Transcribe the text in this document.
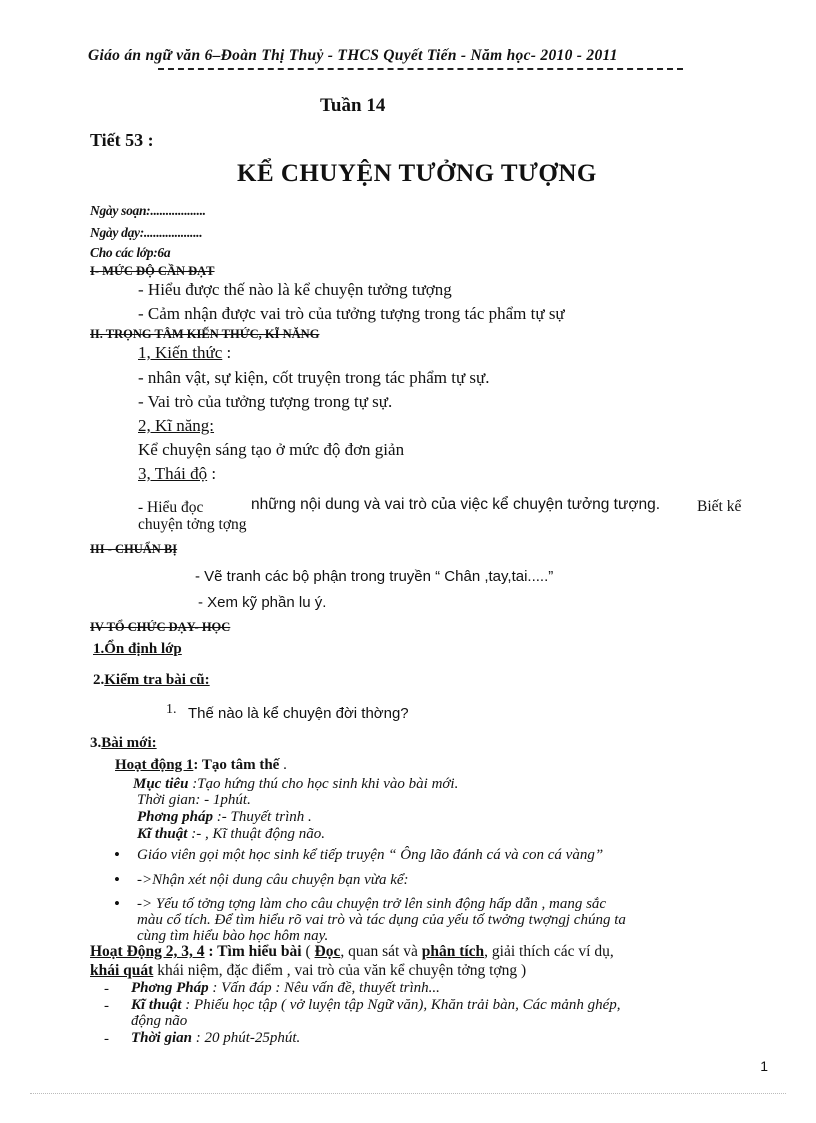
Giáo án ngữ văn 6–Đoàn Thị Thuỷ - THCS Quyết Tiến - Năm học- 2010 - 2011
Tuần 14
Tiết 53 :
KỂ CHUYỆN TƯỞNG TƯỢNG
Ngày soạn:..................
Ngày dạy:...................
Cho các lớp:6a
I- MỨC ĐỘ CẦN ĐẠT
- Hiểu được thế nào là kể chuyện tưởng tượng
- Cảm nhận được vai trò của tưởng tượng trong tác phẩm tự sự
II. TRỌNG TÂM KIẾN THỨC, KĨ NĂNG
1, Kiến thức :
- nhân vật, sự kiện, cốt truyện trong tác phẩm tự sự.
- Vai trò của tưởng tượng trong tự sự.
2, Kĩ năng:
Kể chuyện sáng tạo ở mức độ đơn giản
3, Thái độ :
- Hiểu đọc	những nội dung và vai trò của việc kể chuyện tưởng tượng. Biết kể
chuyện tởng tợng
III - CHUẨN BỊ
- Vẽ tranh các bộ phận trong truyền “ Chân ,tay,tai.....”
- Xem kỹ phần lu ý.
IV TỔ CHỨC DẠY- HỌC
1.Ổn định lớp
2.Kiểm tra bài cũ:
1. Thế nào là kể chuyện đời thờng?
3.Bài mới:
Hoạt động 1: Tạo tâm thế .
Mục tiêu :Tạo hứng thú cho học sinh khi vào bài mới.
Thời gian: - 1phút.
Phơng pháp :- Thuyết trình .
Kĩ thuật :- , Kĩ thuật động não.
• Giáo viên gọi một học sinh kể tiếp truyện “ Ông lão đánh cá và con cá vàng”
• ->Nhận xét nội dung câu chuyện bạn vừa kể:
• -> Yếu tố tởng tợng làm cho câu chuyện trở lên sinh động hấp dẫn , mang sắc
màu cổ tích. Để tìm hiểu rõ vai trò và tác dụng của yếu tố twởng twợngj chúng ta
cùng tìm hiểu bào học hôm nay.
Hoạt Động 2, 3, 4 : Tìm hiểu bài ( Đọc, quan sát và phân tích, giải thích các ví dụ,
khái quát khái niệm, đặc điểm , vai trò của văn kể chuyện tởng tợng )
- Phơng Pháp : Vấn đáp : Nêu vấn đề, thuyết trình...
- Kĩ thuật : Phiếu học tập ( vở luyện tập Ngữ văn), Khăn trải bàn, Các mảnh ghép,
động não
- Thời gian : 20 phút-25phút.
1
